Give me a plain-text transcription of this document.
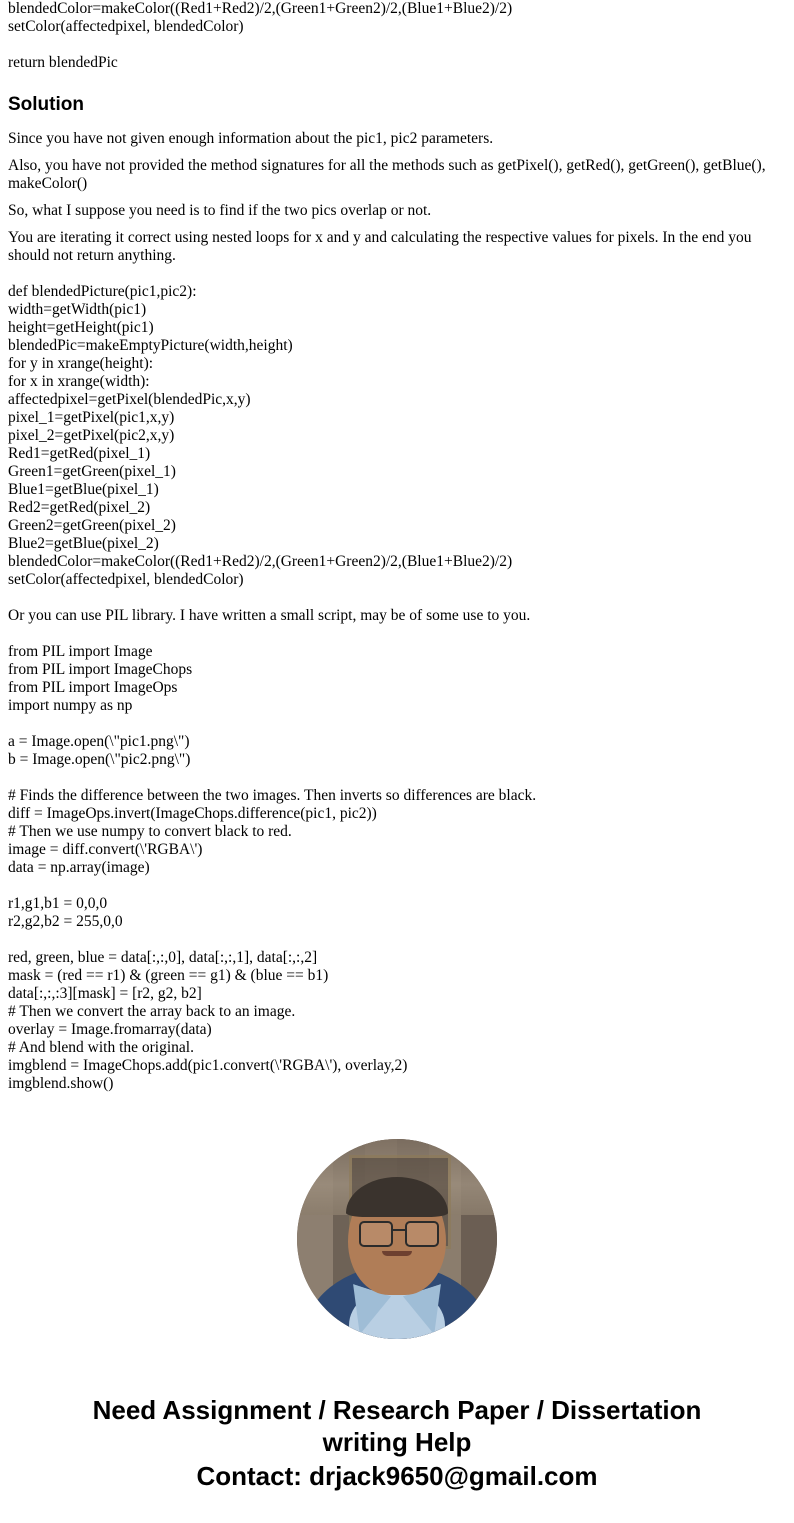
blendedColor=makeColor((Red1+Red2)/2,(Green1+Green2)/2,(Blue1+Blue2)/2)
setColor(affectedpixel, blendedColor)
return blendedPic
Solution

Since you have not given enough information about the pic1, pic2 parameters.

Also, you have not provided the method signatures for all the methods such as getPixel(), getRed(), getGreen(), getBlue(), makeColor()

So, what I suppose you need is to find if the two pics overlap or not.

You are iterating it correct using nested loops for x and y and calculating the respective values for pixels. In the end you should not return anything.

def blendedPicture(pic1,pic2):
width=getWidth(pic1)
height=getHeight(pic1)
blendedPic=makeEmptyPicture(width,height)
for y in xrange(height):
for x in xrange(width):
affectedpixel=getPixel(blendedPic,x,y)
pixel_1=getPixel(pic1,x,y)
pixel_2=getPixel(pic2,x,y)
Red1=getRed(pixel_1)
Green1=getGreen(pixel_1)
Blue1=getBlue(pixel_1)
Red2=getRed(pixel_2)
Green2=getGreen(pixel_2)
Blue2=getBlue(pixel_2)
blendedColor=makeColor((Red1+Red2)/2,(Green1+Green2)/2,(Blue1+Blue2)/2)
setColor(affectedpixel, blendedColor)

Or you can use PIL library. I have written a small script, may be of some use to you.

from PIL import Image
from PIL import ImageChops
from PIL import ImageOps
import numpy as np
a = Image.open(\"pic1.png\")
b = Image.open(\"pic2.png\")
# Finds the difference between the two images. Then inverts so differences are black.
diff = ImageOps.invert(ImageChops.difference(pic1, pic2))
# Then we use numpy to convert black to red.
image = diff.convert(\'RGBA\')
data = np.array(image)
r1,g1,b1 = 0,0,0
r2,g2,b2 = 255,0,0
red, green, blue = data[:,:,0], data[:,:,1], data[:,:,2]
mask = (red == r1) & (green == g1) & (blue == b1)
data[:,:,:3][mask] = [r2, g2, b2]
# Then we convert the array back to an image.
overlay = Image.fromarray(data)
# And blend with the original.
imgblend = ImageChops.add(pic1.convert(\'RGBA\'), overlay,2)
imgblend.show()
Need Assignment / Research Paper / Dissertation
writing Help
Contact: drjack9650@gmail.com
